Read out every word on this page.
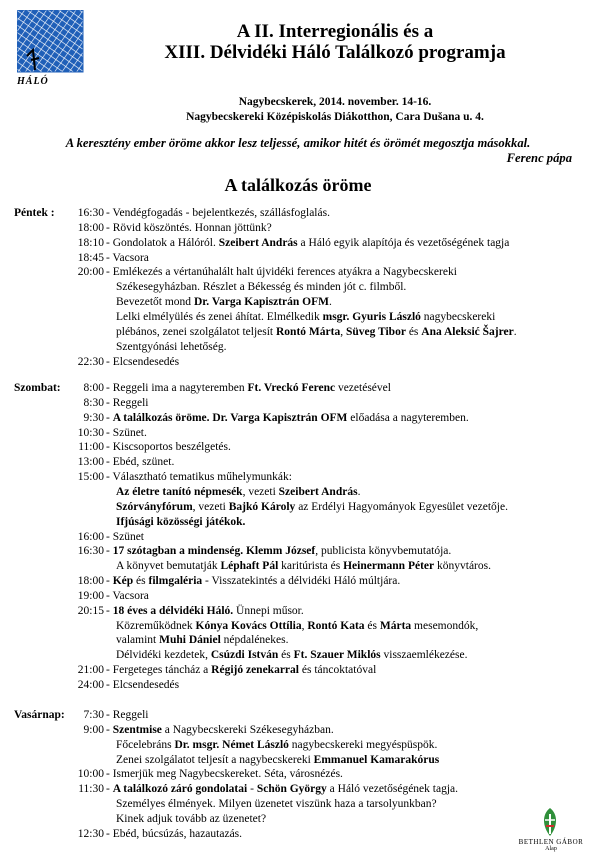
HÁLÓ
A II. Interregionális és a
XIII. Délvidéki Háló Találkozó programja
Nagybecskerek, 2014. november. 14-16.
Nagybecskereki Középiskolás Diákotthon, Cara Dušana u. 4.
A keresztény ember öröme akkor lesz teljessé, amikor hitét és örömét megosztja másokkal.
Ferenc pápa
A találkozás öröme
Péntek :
Szombat:
Vasárnap:
16:30 - Vendégfogadás - bejelentkezés, szállásfoglalás.
18:00 - Rövid köszöntés. Honnan jöttünk?
18:10 - Gondolatok a Hálóról. Szeibert András a Háló egyik alapítója és vezetőségének tagja
18:45 - Vacsora
20:00 - Emlékezés a vértanúhalált halt újvidéki ferences atyákra a Nagybecskereki
Székesegyházban. Részlet a Békesség és minden jót c. filmből.
Bevezetőt mond Dr. Varga Kapisztrán OFM.
Lelki elmélyülés és zenei áhítat. Elmélkedik msgr. Gyuris László nagybecskereki
plébános, zenei szolgálatot teljesít Rontó Márta, Süveg Tibor és Ana Aleksić Šajrer.
Szentgyónási lehetőség.
22:30 - Elcsendesedés
8:00 - Reggeli ima a nagyteremben Ft. Vreckó Ferenc vezetésével
8:30 - Reggeli
9:30 - A találkozás öröme. Dr. Varga Kapisztrán OFM előadása a nagyteremben.
10:30 - Szünet.
11:00 - Kiscsoportos beszélgetés.
13:00 - Ebéd, szünet.
15:00 - Választható tematikus műhelymunkák:
Az életre tanító népmesék, vezeti Szeibert András.
Szórványfórum, vezeti Bajkó Károly az Erdélyi Hagyományok Egyesület vezetője.
Ifjúsági közösségi játékok.
16:00 - Szünet
16:30 - 17 szótagban a mindenség. Klemm József, publicista könyvbemutatója.
A könyvet bemutatják Léphaft Pál karitúrista és Heinermann Péter könyvtáros.
18:00 - Kép és filmgaléria - Visszatekintés a délvidéki Háló múltjára.
19:00 - Vacsora
20:15 - 18 éves a délvidéki Háló. Ünnepi műsor.
Közreműködnek Kónya Kovács Ottília, Rontó Kata és Márta mesemondók,
valamint Muhi Dániel népdalénekes.
Délvidéki kezdetek, Csúzdi István és Ft. Szauer Miklós visszaemlékezése.
21:00 - Fergeteges táncház a Régijó zenekarral és táncoktatóval
24:00 - Elcsendesedés
7:30 - Reggeli
9:00 - Szentmise a Nagybecskereki Székesegyházban.
Főcelebráns Dr. msgr. Német László nagybecskereki megyéspüspök.
Zenei szolgálatot teljesít a nagybecskereki Emmanuel Kamarakórus
10:00 - Ismerjük meg Nagybecskereket. Séta, városnézés.
11:30 - A találkozó záró gondolatai - Schön György a Háló vezetőségének tagja.
Személyes élmények. Milyen üzenetet viszünk haza a tarsolyunkban?
Kinek adjuk tovább az üzenetet?
12:30 - Ebéd, búcsúzás, hazautazás.
BETHLEN GÁBOR
Alap
